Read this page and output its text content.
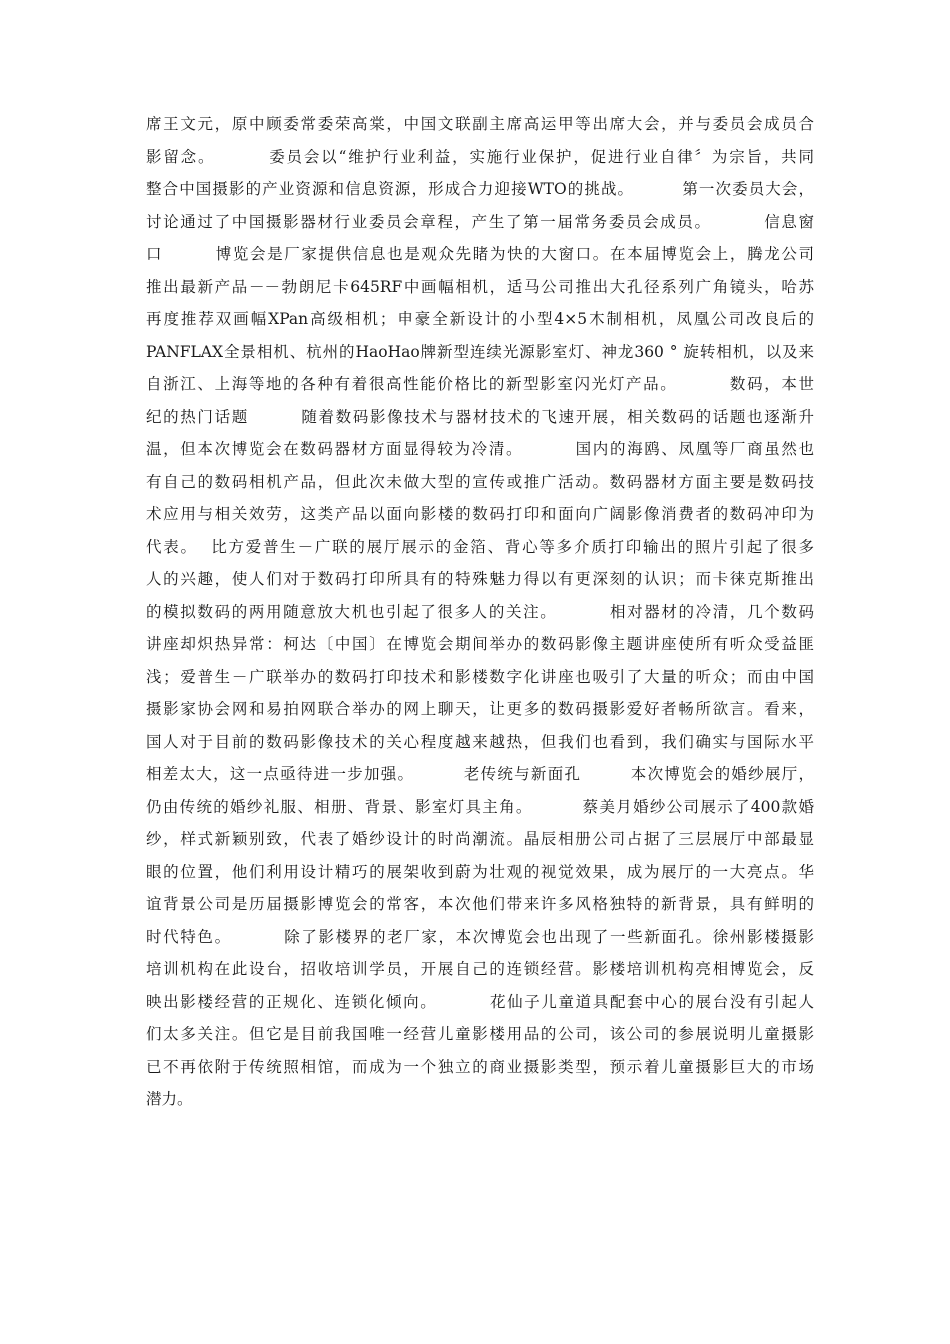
席王文元，原中顾委常委荣高棠，中国文联副主席高运甲等出席大会，并与委员会成员合
影留念。        委员会以“维护行业利益，实施行业保护，促进行业自律〞为宗旨，共同
整合中国摄影的产业资源和信息资源，形成合力迎接WTO的挑战。        第一次委员大会，
讨论通过了中国摄影器材行业委员会章程，产生了第一届常务委员会成员。        信息窗
口        博览会是厂家提供信息也是观众先睹为快的大窗口。在本届博览会上，腾龙公司
推出最新产品－－勃朗尼卡645RF中画幅相机，适马公司推出大孔径系列广角镜头，哈苏
再度推荐双画幅XPan高级相机；申豪全新设计的小型4×5木制相机，凤凰公司改良后的
PANFLAX全景相机、杭州的HaoHao牌新型连续光源影室灯、神龙360 ° 旋转相机，以及来
自浙江、上海等地的各种有着很高性能价格比的新型影室闪光灯产品。        数码，本世
纪的热门话题        随着数码影像技术与器材技术的飞速开展，相关数码的话题也逐渐升
温，但本次博览会在数码器材方面显得较为冷清。        国内的海鸥、凤凰等厂商虽然也
有自己的数码相机产品，但此次未做大型的宣传或推广活动。数码器材方面主要是数码技
术应用与相关效劳，这类产品以面向影楼的数码打印和面向广阔影像消费者的数码冲印为
代表。  比方爱普生－广联的展厅展示的金箔、背心等多介质打印输出的照片引起了很多
人的兴趣，使人们对于数码打印所具有的特殊魅力得以有更深刻的认识；而卡徕克斯推出
的模拟数码的两用随意放大机也引起了很多人的关注。        相对器材的冷清，几个数码
讲座却炽热异常：柯达〔中国〕在博览会期间举办的数码影像主题讲座使所有听众受益匪
浅；爱普生－广联举办的数码打印技术和影楼数字化讲座也吸引了大量的听众；而由中国
摄影家协会网和易拍网联合举办的网上聊天，让更多的数码摄影爱好者畅所欲言。看来，
国人对于目前的数码影像技术的关心程度越来越热，但我们也看到，我们确实与国际水平
相差太大，这一点亟待进一步加强。        老传统与新面孔        本次博览会的婚纱展厅，
仍由传统的婚纱礼服、相册、背景、影室灯具主角。        蔡美月婚纱公司展示了400款婚
纱，样式新颖别致，代表了婚纱设计的时尚潮流。晶辰相册公司占据了三层展厅中部最显
眼的位置，他们利用设计精巧的展架收到蔚为壮观的视觉效果，成为展厅的一大亮点。华
谊背景公司是历届摄影博览会的常客，本次他们带来许多风格独特的新背景，具有鲜明的
时代特色。        除了影楼界的老厂家，本次博览会也出现了一些新面孔。徐州影楼摄影
培训机构在此设台，招收培训学员，开展自己的连锁经营。影楼培训机构亮相博览会，反
映出影楼经营的正规化、连锁化倾向。        花仙子儿童道具配套中心的展台没有引起人
们太多关注。但它是目前我国唯一经营儿童影楼用品的公司，该公司的参展说明儿童摄影
已不再依附于传统照相馆，而成为一个独立的商业摄影类型，预示着儿童摄影巨大的市场
潜力。
